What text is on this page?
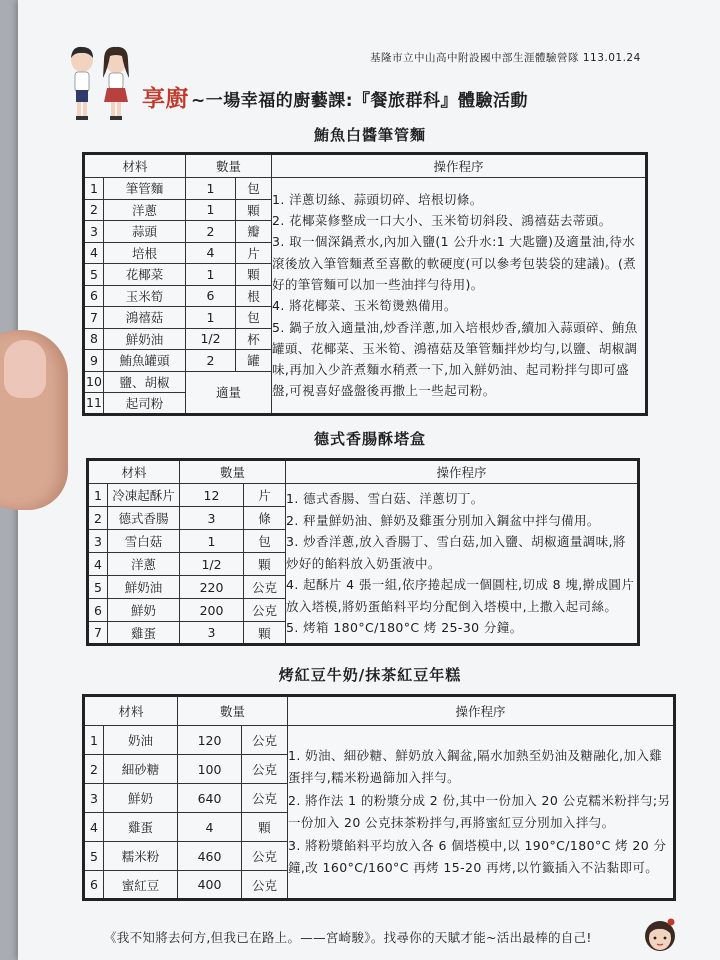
基隆市立中山高中附設國中部生涯體驗營隊 113.01.24
享廚 ~一場幸福的廚藝課:『餐旅群科』體驗活動
鮪魚白醬筆管麵
材料		數量		操作程序
1	筆管麵	1	包	1. 洋蔥切絲、蒜頭切碎、培根切條。
2. 花椰菜修整成一口大小、玉米筍切斜段、鴻禧菇去蒂頭。
3. 取一個深鍋煮水,內加入鹽(1 公升水:1 大匙鹽)及適量油,待水滾後放入筆管麵煮至喜歡的軟硬度(可以參考包裝袋的建議)。(煮好的筆管麵可以加一些油拌勻待用)。
4. 將花椰菜、玉米筍燙熟備用。
5. 鍋子放入適量油,炒香洋蔥,加入培根炒香,續加入蒜頭碎、鮪魚罐頭、花椰菜、玉米筍、鴻禧菇及筆管麵拌炒均勻,以鹽、胡椒調味,再加入少許煮麵水稍煮一下,加入鮮奶油、起司粉拌勻即可盛盤,可視喜好盛盤後再撒上一些起司粉。

2	洋蔥	1	顆	
3	蒜頭	2	瓣	
4	培根	4	片	
5	花椰菜	1	顆	
6	玉米筍	6	根	
7	鴻禧菇	1	包	
8	鮮奶油	1/2	杯	
9	鮪魚罐頭	2	罐	
10	鹽、胡椒	適量		
11	起司粉			
德式香腸酥塔盒
材料		數量		操作程序
1	冷凍起酥片	12	片	1. 德式香腸、雪白菇、洋蔥切丁。
2. 秤量鮮奶油、鮮奶及雞蛋分別加入鋼盆中拌勻備用。
3. 炒香洋蔥,放入香腸丁、雪白菇,加入鹽、胡椒適量調味,將炒好的餡料放入奶蛋液中。
4. 起酥片 4 張一組,依序捲起成一個圓柱,切成 8 塊,擀成圓片放入塔模,將奶蛋餡料平均分配倒入塔模中,上撒入起司絲。
5. 烤箱 180°C/180°C 烤 25-30 分鐘。

2	德式香腸	3	條	
3	雪白菇	1	包	
4	洋蔥	1/2	顆	
5	鮮奶油	220	公克	
6	鮮奶	200	公克	
7	雞蛋	3	顆	
烤紅豆牛奶/抹茶紅豆年糕
材料		數量		操作程序
1	奶油	120	公克	1. 奶油、細砂糖、鮮奶放入鋼盆,隔水加熱至奶油及糖融化,加入雞蛋拌勻,糯米粉過篩加入拌勻。
2. 將作法 1 的粉漿分成 2 份,其中一份加入 20 公克糯米粉拌勻;另一份加入 20 公克抹茶粉拌勻,再將蜜紅豆分別加入拌勻。
3. 將粉漿餡料平均放入各 6 個塔模中,以 190°C/180°C 烤 20 分鐘,改 160°C/160°C 再烤 15-20 再烤,以竹籤插入不沾黏即可。

2	細砂糖	100	公克	
3	鮮奶	640	公克	
4	雞蛋	4	顆	
5	糯米粉	460	公克	
6	蜜紅豆	400	公克	
《我不知將去何方,但我已在路上。——宮崎駿》。找尋你的天賦才能~活出最棒的自己!
